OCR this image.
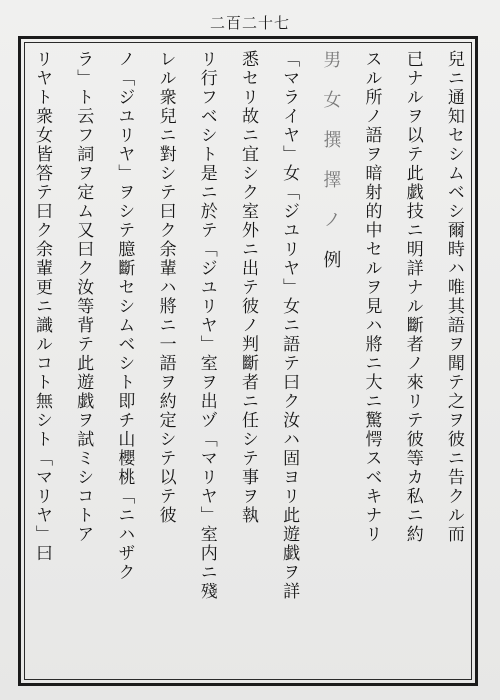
二百二十七
兒ニ通知セシムベシ爾時ハ唯其語ヲ聞テ之ヲ彼ニ告クル而
已ナルヲ以テ此戯技ニ明詳ナル斷者ノ來リテ彼等カ私ニ約
スル所ノ語ヲ暗射的中セルヲ見ハ將ニ大ニ驚愕スベキナリ
男女撰擇ノ例
「マライヤ」女「ジユリヤ」女ニ語テ曰ク汝ハ固ヨリ此遊戯ヲ詳
悉セリ故ニ宜シク室外ニ出テ彼ノ判斷者ニ任シテ事ヲ執
リ行フベシト是ニ於テ「ジユリヤ」室ヲ出ヅ「マリヤ」室内ニ殘
レル衆兒ニ對シテ曰ク余輩ハ將ニ一語ヲ約定シテ以テ彼
ノ「ジユリヤ」ヲシテ臆斷セシムベシト即チ山櫻桃「ニハザク
ラ」ト云フ詞ヲ定ム又曰ク汝等背テ此遊戯ヲ試ミシコトア
リヤト衆女皆答テ曰ク余輩更ニ識ルコト無シト「マリヤ」曰
